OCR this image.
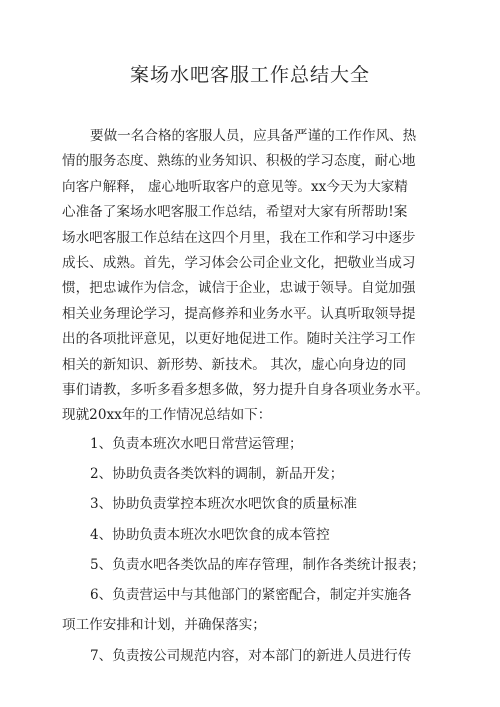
案场水吧客服工作总结大全
要做一名合格的客服人员，应具备严谨的工作作风、热
情的服务态度、熟练的业务知识、积极的学习态度，耐心地
向客户解释， 虚心地听取客户的意见等。xx今天为大家精
心准备了案场水吧客服工作总结，希望对大家有所帮助!案
场水吧客服工作总结在这四个月里，我在工作和学习中逐步
成长、成熟。首先，学习体会公司企业文化，把敬业当成习
惯，把忠诚作为信念，诚信于企业，忠诚于领导。自觉加强
相关业务理论学习，提高修养和业务水平。认真听取领导提
出的各项批评意见，以更好地促进工作。随时关注学习工作
相关的新知识、新形势、新技术。 其次，虚心向身边的同
事们请教，多听多看多想多做，努力提升自身各项业务水平。
现就20xx年的工作情况总结如下：
1、负责本班次水吧日常营运管理；
2、协助负责各类饮料的调制，新品开发；
3、协助负责掌控本班次水吧饮食的质量标准
4、协助负责本班次水吧饮食的成本管控
5、负责水吧各类饮品的库存管理，制作各类统计报表；
6、负责营运中与其他部门的紧密配合，制定并实施各
项工作安排和计划，并确保落实；
7、负责按公司规范内容，对本部门的新进人员进行传
